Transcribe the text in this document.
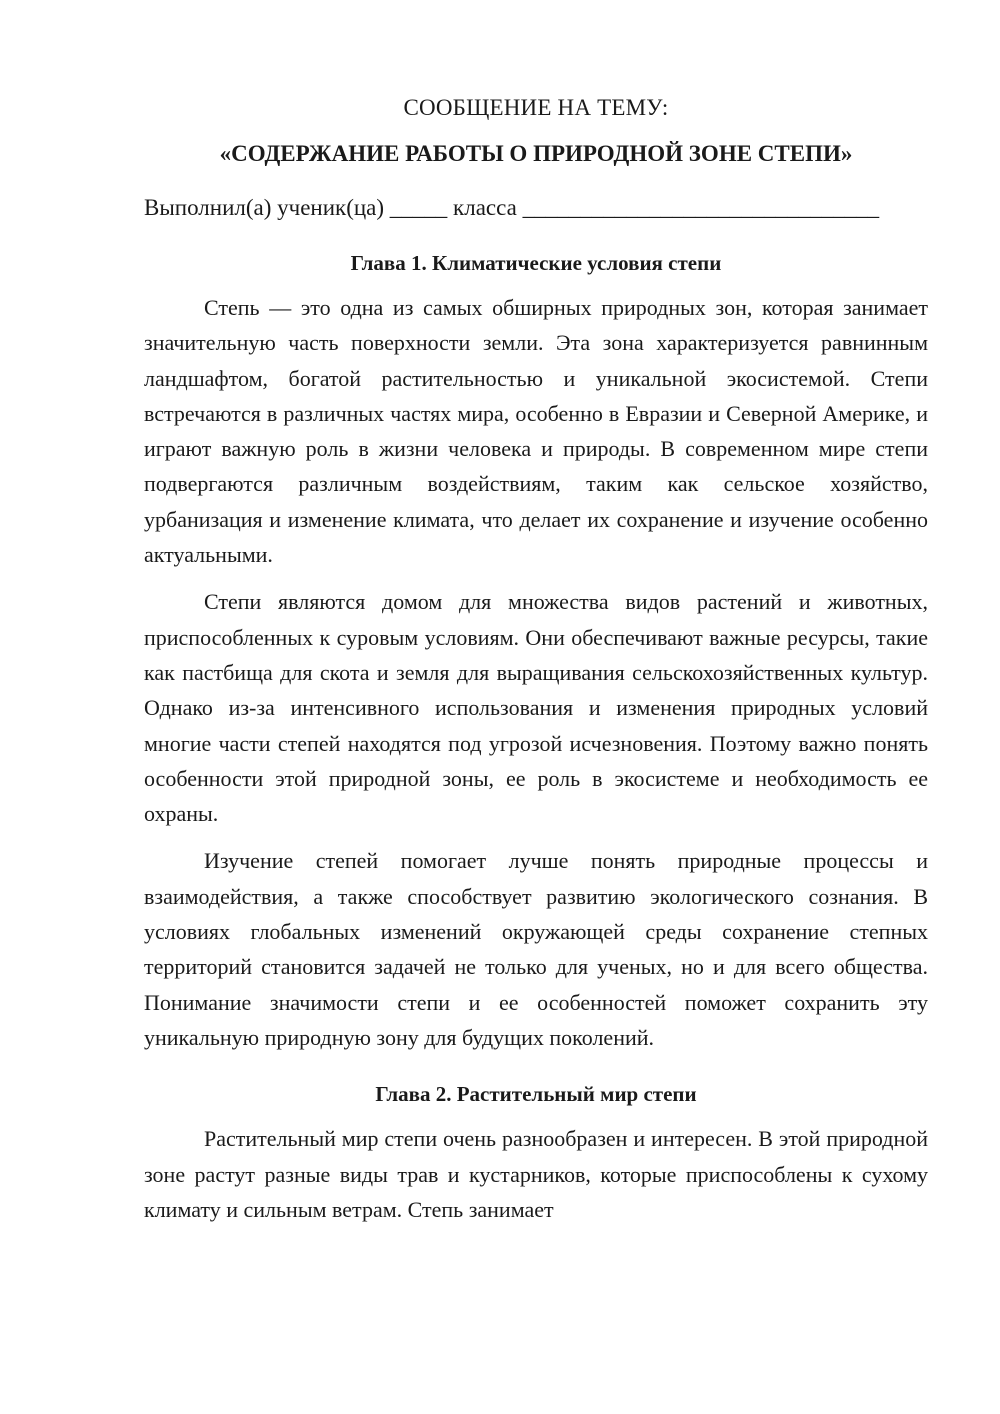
СООБЩЕНИЕ НА ТЕМУ:

«СОДЕРЖАНИЕ РАБОТЫ О ПРИРОДНОЙ ЗОНЕ СТЕПИ»

Выполнил(а) ученик(ца) _____ класса _______________________________

Глава 1. Климатические условия степи

Степь — это одна из самых обширных природных зон, которая занимает значительную часть поверхности земли. Эта зона характеризуется равнинным ландшафтом, богатой растительностью и уникальной экосистемой. Степи встречаются в различных частях мира, особенно в Евразии и Северной Америке, и играют важную роль в жизни человека и природы. В современном мире степи подвергаются различным воздействиям, таким как сельское хозяйство, урбанизация и изменение климата, что делает их сохранение и изучение особенно актуальными.

Степи являются домом для множества видов растений и животных, приспособленных к суровым условиям. Они обеспечивают важные ресурсы, такие как пастбища для скота и земля для выращивания сельскохозяйственных культур. Однако из-за интенсивного использования и изменения природных условий многие части степей находятся под угрозой исчезновения. Поэтому важно понять особенности этой природной зоны, ее роль в экосистеме и необходимость ее охраны.

Изучение степей помогает лучше понять природные процессы и взаимодействия, а также способствует развитию экологического сознания. В условиях глобальных изменений окружающей среды сохранение степных территорий становится задачей не только для ученых, но и для всего общества. Понимание значимости степи и ее особенностей поможет сохранить эту уникальную природную зону для будущих поколений.

Глава 2. Растительный мир степи

Растительный мир степи очень разнообразен и интересен. В этой природной зоне растут разные виды трав и кустарников, которые приспособлены к сухому климату и сильным ветрам. Степь занимает
